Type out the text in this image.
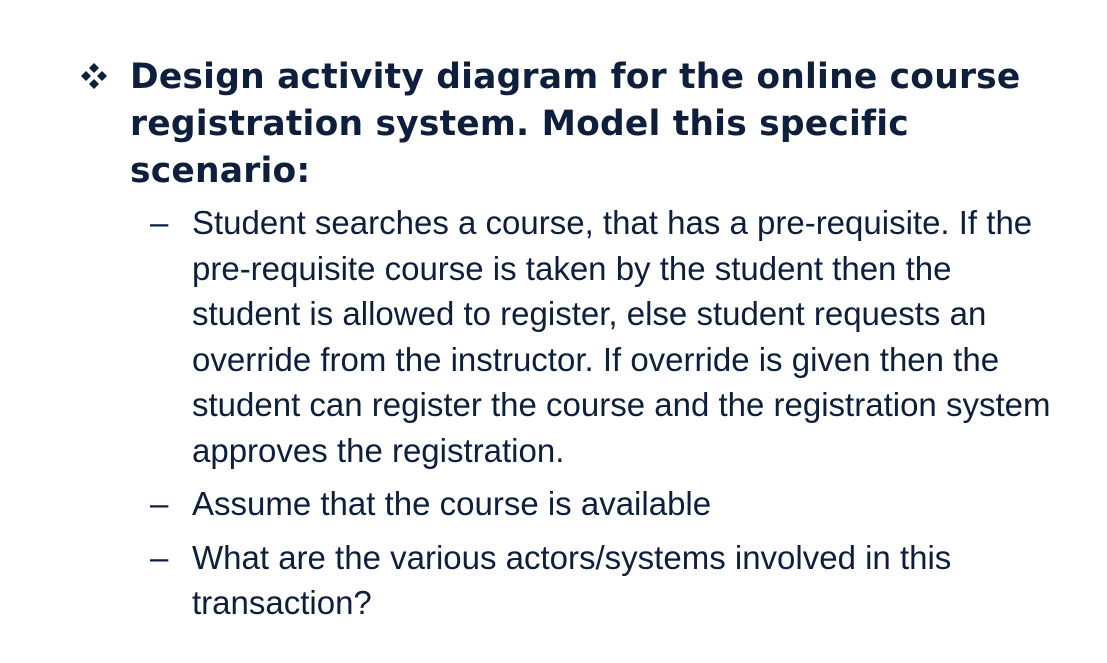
Design activity diagram for the online course registration system. Model this specific scenario:

– Student searches a course, that has a pre-requisite. If the pre-requisite course is taken by the student then the student is allowed to register, else student requests an override from the instructor. If override is given then the student can register the course and the registration system approves the registration.
– Assume that the course is available
– What are the various actors/systems involved in this transaction?
